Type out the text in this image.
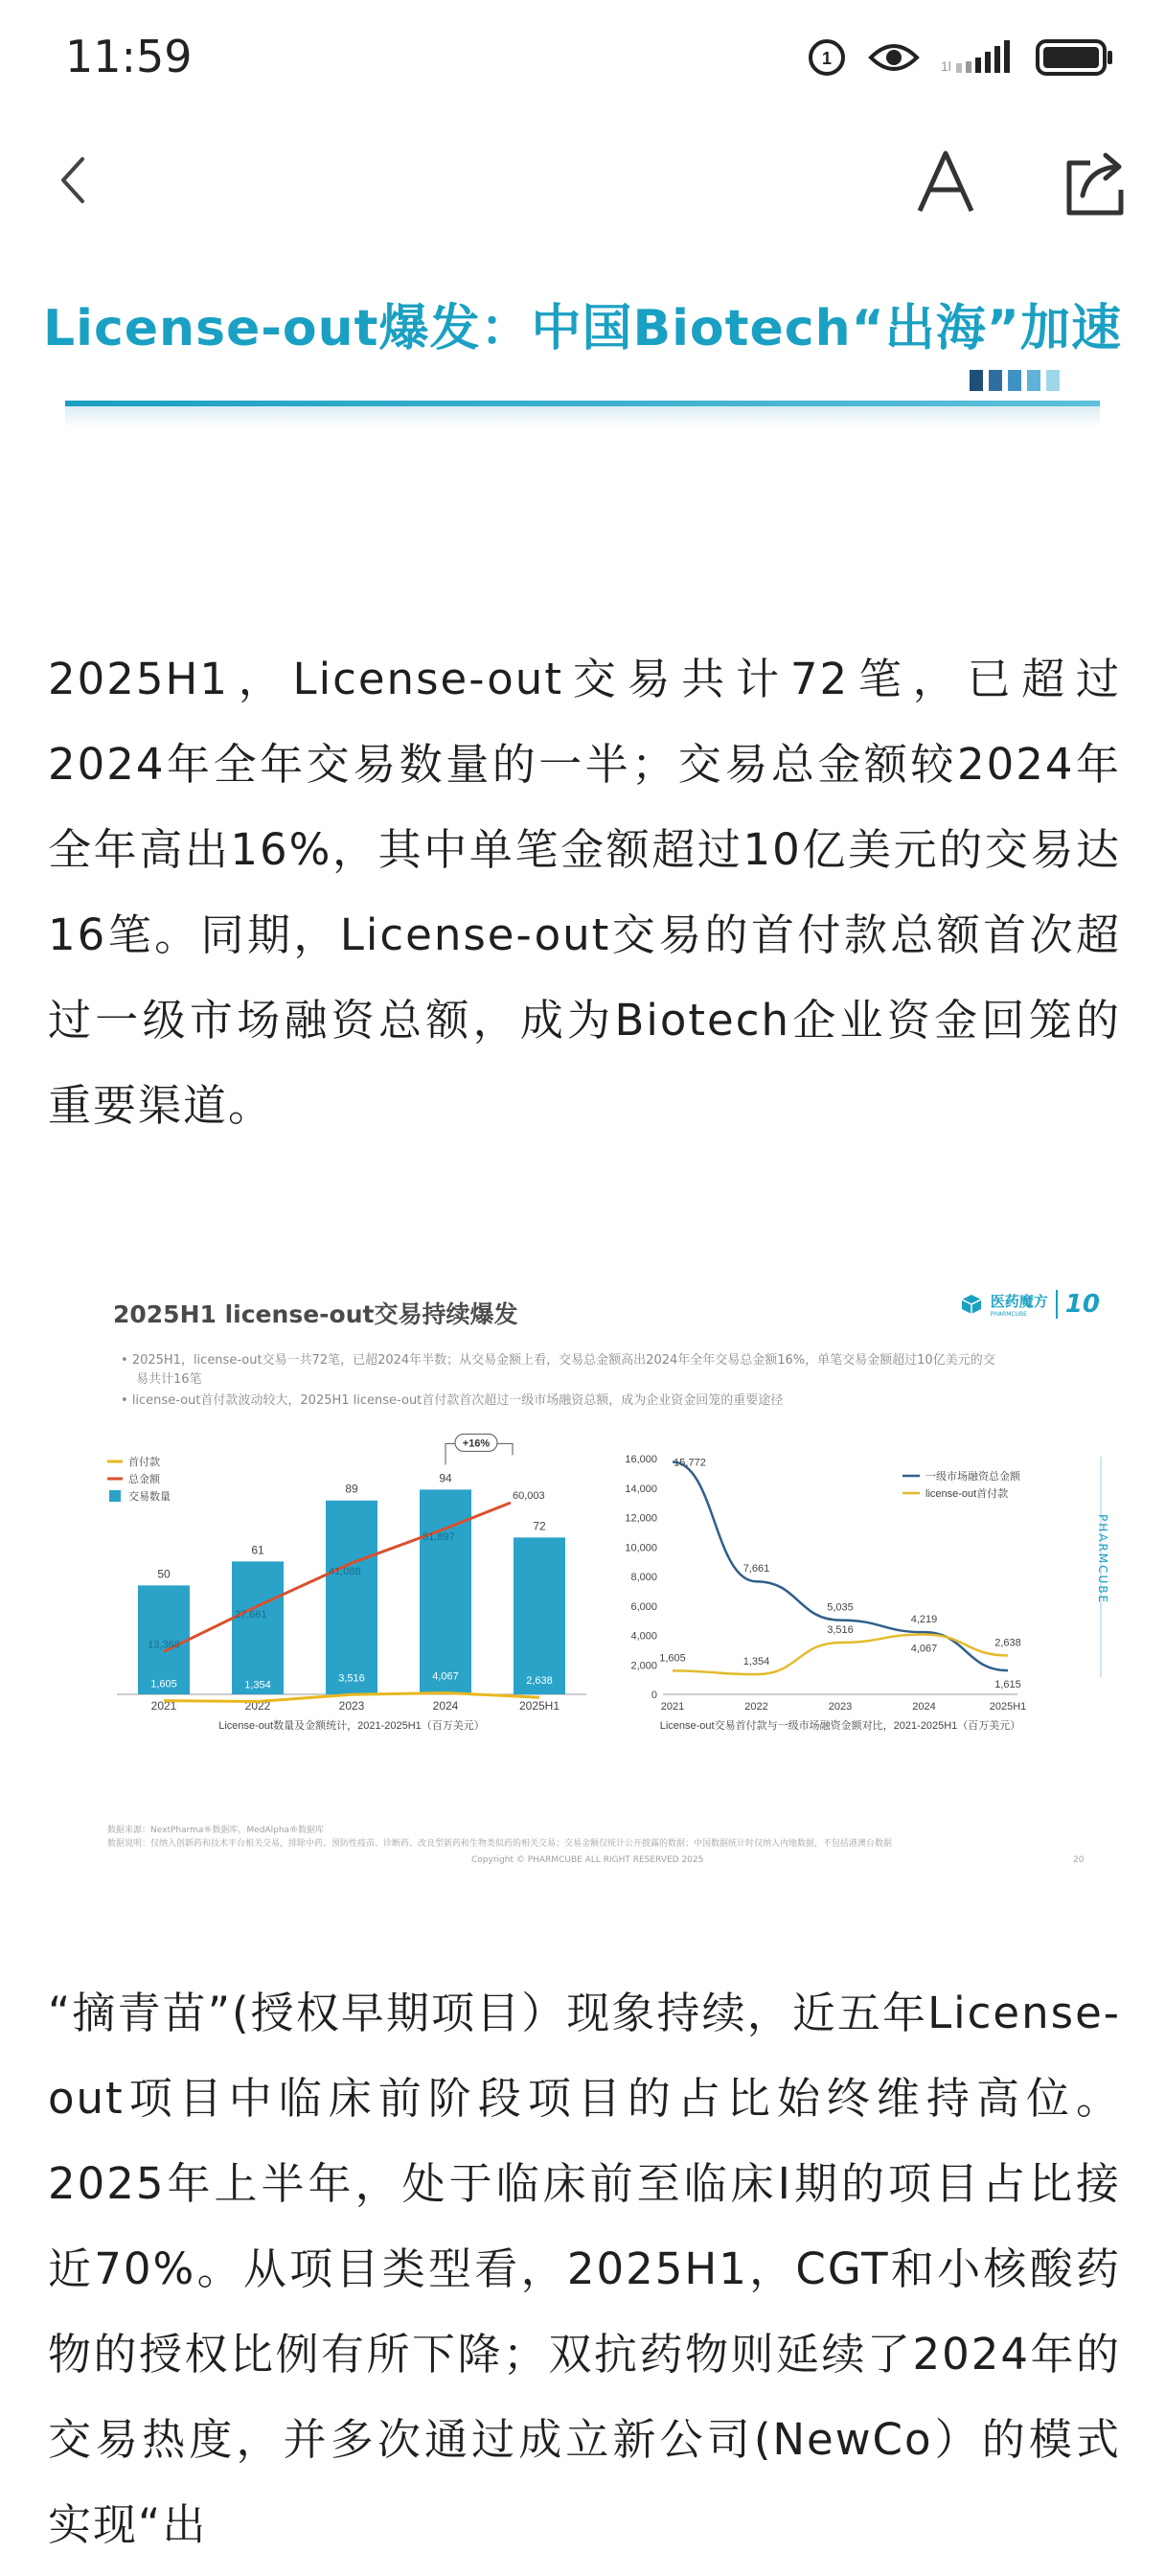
11:59	1	1l
License-out爆发：中国Biotech“出海”加速
2025H1，License-out交易共计72笔，已超过2024年全年交易数量的一半；交易总金额较2024年全年高出16%，其中单笔金额超过10亿美元的交易达16笔。同期，License-out交易的首付款总额首次超过一级市场融资总额，成为Biotech企业资金回笼的重要渠道。
2025H1 license-out交易持续爆发	医药魔方
PHARMCUBE	10
• 2025H1，license-out交易一共72笔，已超2024年半数；从交易金额上看，交易总金额高出2024年全年交易总金额16%，单笔交易金额超过10亿美元的交
易共计16笔
• license-out首付款波动较大，2025H1 license-out首付款首次超过一级市场融资总额，成为企业资金回笼的重要途径
首付款
总金额
交易数量
50
2021
61
2022
89
2023
94
2024
72
2025H1
13,368
27,661
41,088
51,897
60,003
+16%
1,605	1,354
3,516	4,067	2,638
License-out数量及金额统计，2021-2025H1（百万美元）
0
2,000
4,000
6,000
8,000
10,000
12,000
14,000
16,000
2021	2022	2023	2024	2025H1
15,772
7,661
5,035
4,219
1,615
一级市场融资总金额
1,605	1,354
3,516
4,067
2,638
license-out首付款
License-out交易首付款与一级市场融资金额对比，2021-2025H1（百万美元）
PHARMCUBE
数据来源：NextPharma®数据库，MedAlpha®数据库
数据说明：仅纳入创新药和技术平台相关交易，排除中药、预防性疫苗、诊断药、改良型新药和生物类似药的相关交易；交易金额仅统计公开披露的数据；中国数据统计时仅纳入内地数据，不包括港澳台数据
Copyright © PHARMCUBE ALL RIGHT RESERVED 2025	20
“摘青苗”(授权早期项目）现象持续，近五年License-out项目中临床前阶段项目的占比始终维持高位。2025年上半年，处于临床前至临床I期的项目占比接近70%。从项目类型看，2025H1，CGT和小核酸药物的授权比例有所下降；双抗药物则延续了2024年的交易热度，并多次通过成立新公司(NewCo）的模式实现“出
